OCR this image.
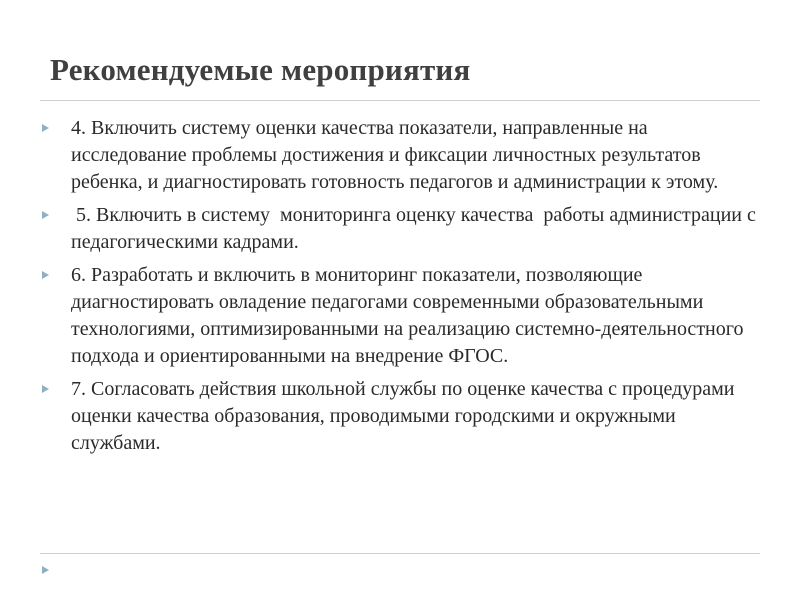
Рекомендуемые мероприятия
4. Включить систему оценки качества показатели, направленные на исследование проблемы достижения и фиксации личностных результатов ребенка, и диагностировать готовность педагогов и администрации к этому.
5. Включить в систему  мониторинга оценку качества  работы администрации с педагогическими кадрами.
6. Разработать и включить в мониторинг показатели, позволяющие диагностировать овладение педагогами современными образовательными технологиями, оптимизированными на реализацию системно-деятельностного подхода и ориентированными на внедрение ФГОС.
7. Согласовать действия школьной службы по оценке качества с процедурами оценки качества образования, проводимыми городскими и окружными службами.
